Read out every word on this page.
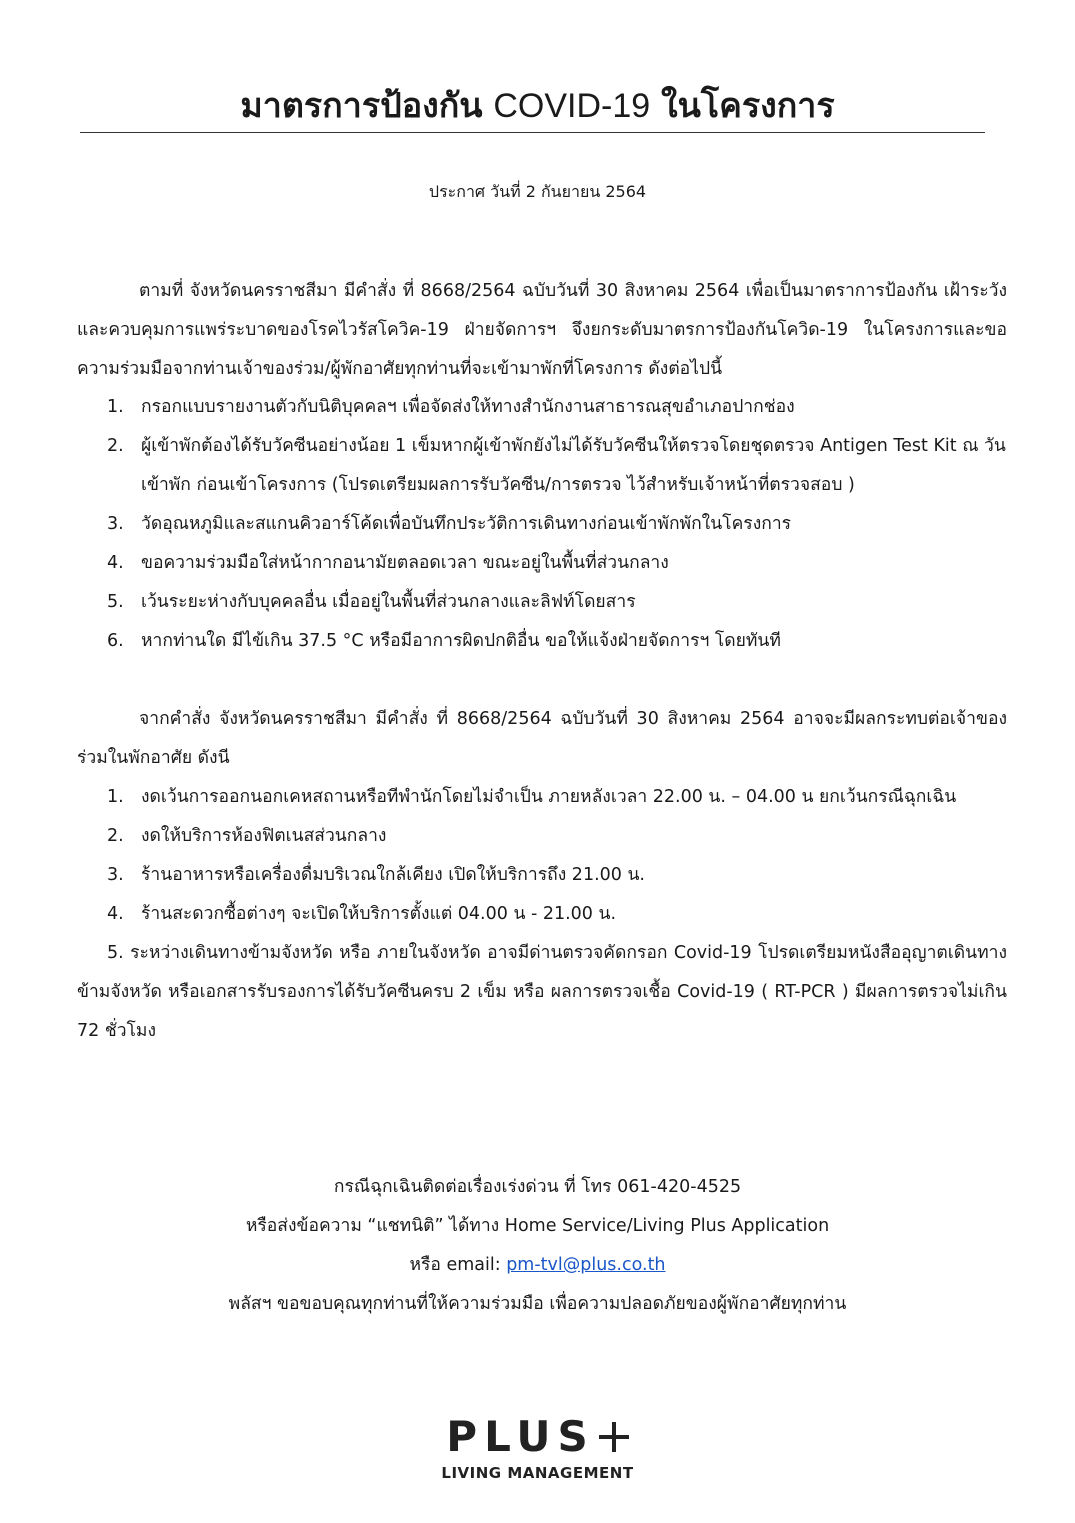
มาตรการป้องกัน COVID-19 ในโครงการ
ประกาศ วันที่ 2 กันยายน 2564

ตามที่ จังหวัดนครราชสีมา มีคำสั่ง ที่ 8668/2564 ฉบับวันที่ 30 สิงหาคม 2564 เพื่อเป็นมาตราการป้องกัน เฝ้าระวัง และควบคุมการแพร่ระบาดของโรคไวรัสโควิค-19 ฝ่ายจัดการฯ จึงยกระดับมาตรการป้องกันโควิด-19 ในโครงการและขอความร่วมมือจากท่านเจ้าของร่วม/ผู้พักอาศัยทุกท่านที่จะเข้ามาพักที่โครงการ ดังต่อไปนี้

1. กรอกแบบรายงานตัวกับนิติบุคคลฯ เพื่อจัดส่งให้ทางสำนักงานสาธารณสุขอำเภอปากช่อง
2. ผู้เข้าพักต้องได้รับวัคซีนอย่างน้อย 1 เข็มหากผู้เข้าพักยังไม่ได้รับวัคซีนให้ตรวจโดยชุดตรวจ Antigen Test Kit ณ วันเข้าพัก ก่อนเข้าโครงการ (โปรดเตรียมผลการรับวัคซีน/การตรวจ ไว้สำหรับเจ้าหน้าที่ตรวจสอบ )
3. วัดอุณหภูมิและสแกนคิวอาร์โค้ดเพื่อบันทึกประวัติการเดินทางก่อนเข้าพักพักในโครงการ
4. ขอความร่วมมือใส่หน้ากากอนามัยตลอดเวลา ขณะอยู่ในพื้นที่ส่วนกลาง
5. เว้นระยะห่างกับบุคคลอื่น เมื่ออยู่ในพื้นที่ส่วนกลางและลิฟท์โดยสาร
6. หากท่านใด มีไข้เกิน 37.5 °C หรือมีอาการผิดปกติอื่น ขอให้แจ้งฝ่ายจัดการฯ โดยทันที

จากคำสั่ง จังหวัดนครราชสีมา มีคำสั่ง ที่ 8668/2564 ฉบับวันที่ 30 สิงหาคม 2564 อาจจะมีผลกระทบต่อเจ้าของร่วมในพักอาศัย ดังนี

1. งดเว้นการออกนอกเคหสถานหรือทีพำนักโดยไม่จำเป็น ภายหลังเวลา 22.00 น. – 04.00 น ยกเว้นกรณีฉุกเฉิน
2. งดให้บริการห้องฟิตเนสส่วนกลาง
3. ร้านอาหารหรือเครื่องดื่มบริเวณใกล้เคียง เปิดให้บริการถึง 21.00 น.
4. ร้านสะดวกซื้อต่างๆ จะเปิดให้บริการตั้งแต่ 04.00 น - 21.00 น.

5. ระหว่างเดินทางข้ามจังหวัด หรือ ภายในจังหวัด อาจมีด่านตรวจคัดกรอก Covid-19 โปรดเตรียมหนังสืออุญาตเดินทางข้ามจังหวัด หรือเอกสารรับรองการได้รับวัคซีนครบ 2 เข็ม หรือ ผลการตรวจเชื้อ Covid-19 ( RT-PCR ) มีผลการตรวจไม่เกิน 72 ชั่วโมง

กรณีฉุกเฉินติดต่อเรื่องเร่งด่วน ที่ โทร 061-420-4525
หรือส่งข้อความ “แชทนิติ” ได้ทาง Home Service/Living Plus Application
หรือ email: pm-tvl@plus.co.th
พลัสฯ ขอขอบคุณทุกท่านที่ให้ความร่วมมือ เพื่อความปลอดภัยของผู้พักอาศัยทุกท่าน
PLUS
LIVING MANAGEMENT
